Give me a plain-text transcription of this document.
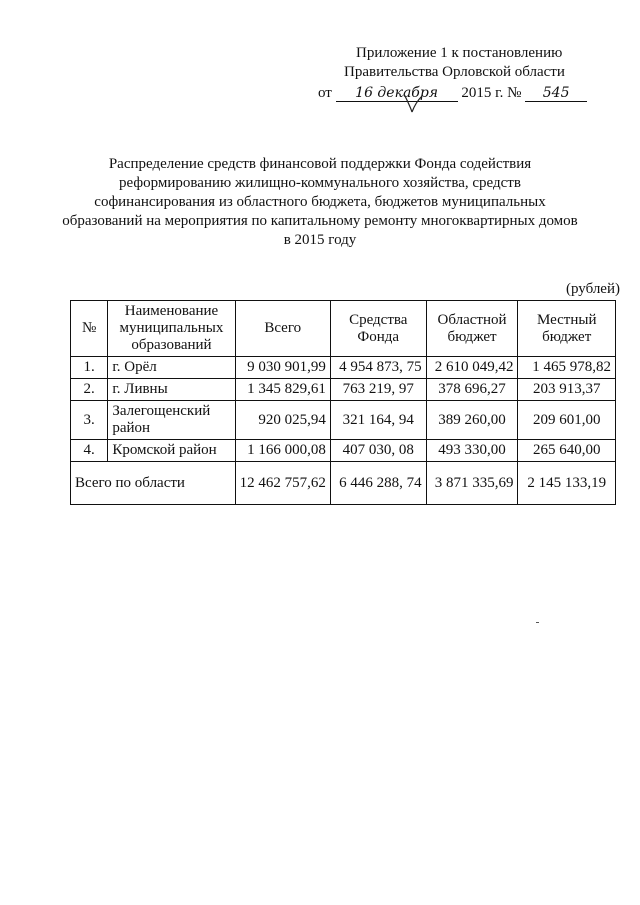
Приложение 1 к постановлению
Правительства Орловской области
от 16 декабря 2015 г. № 545
Распределение средств финансовой поддержки Фонда содействия
реформированию жилищно-коммунального хозяйства, средств
софинансирования из областного бюджета, бюджетов муниципальных
образований на мероприятия по капитальному ремонту многоквартирных домов
в 2015 году
(рублей)
№	Наименование муниципальных образований	Всего	Средства Фонда	Областной бюджет	Местный бюджет
1.	г. Орёл	9 030 901,99	4 954 873, 75	2 610 049,42	1 465 978,82
2.	г. Ливны	1 345 829,61	763 219, 97	378 696,27	203 913,37
3.	Залегощенский район	920 025,94	321 164, 94	389 260,00	209 601,00
4.	Кромской район	1 166 000,08	407 030, 08	493 330,00	265 640,00
Всего по области		12 462 757,62	6 446 288, 74	3 871 335,69	2 145 133,19
